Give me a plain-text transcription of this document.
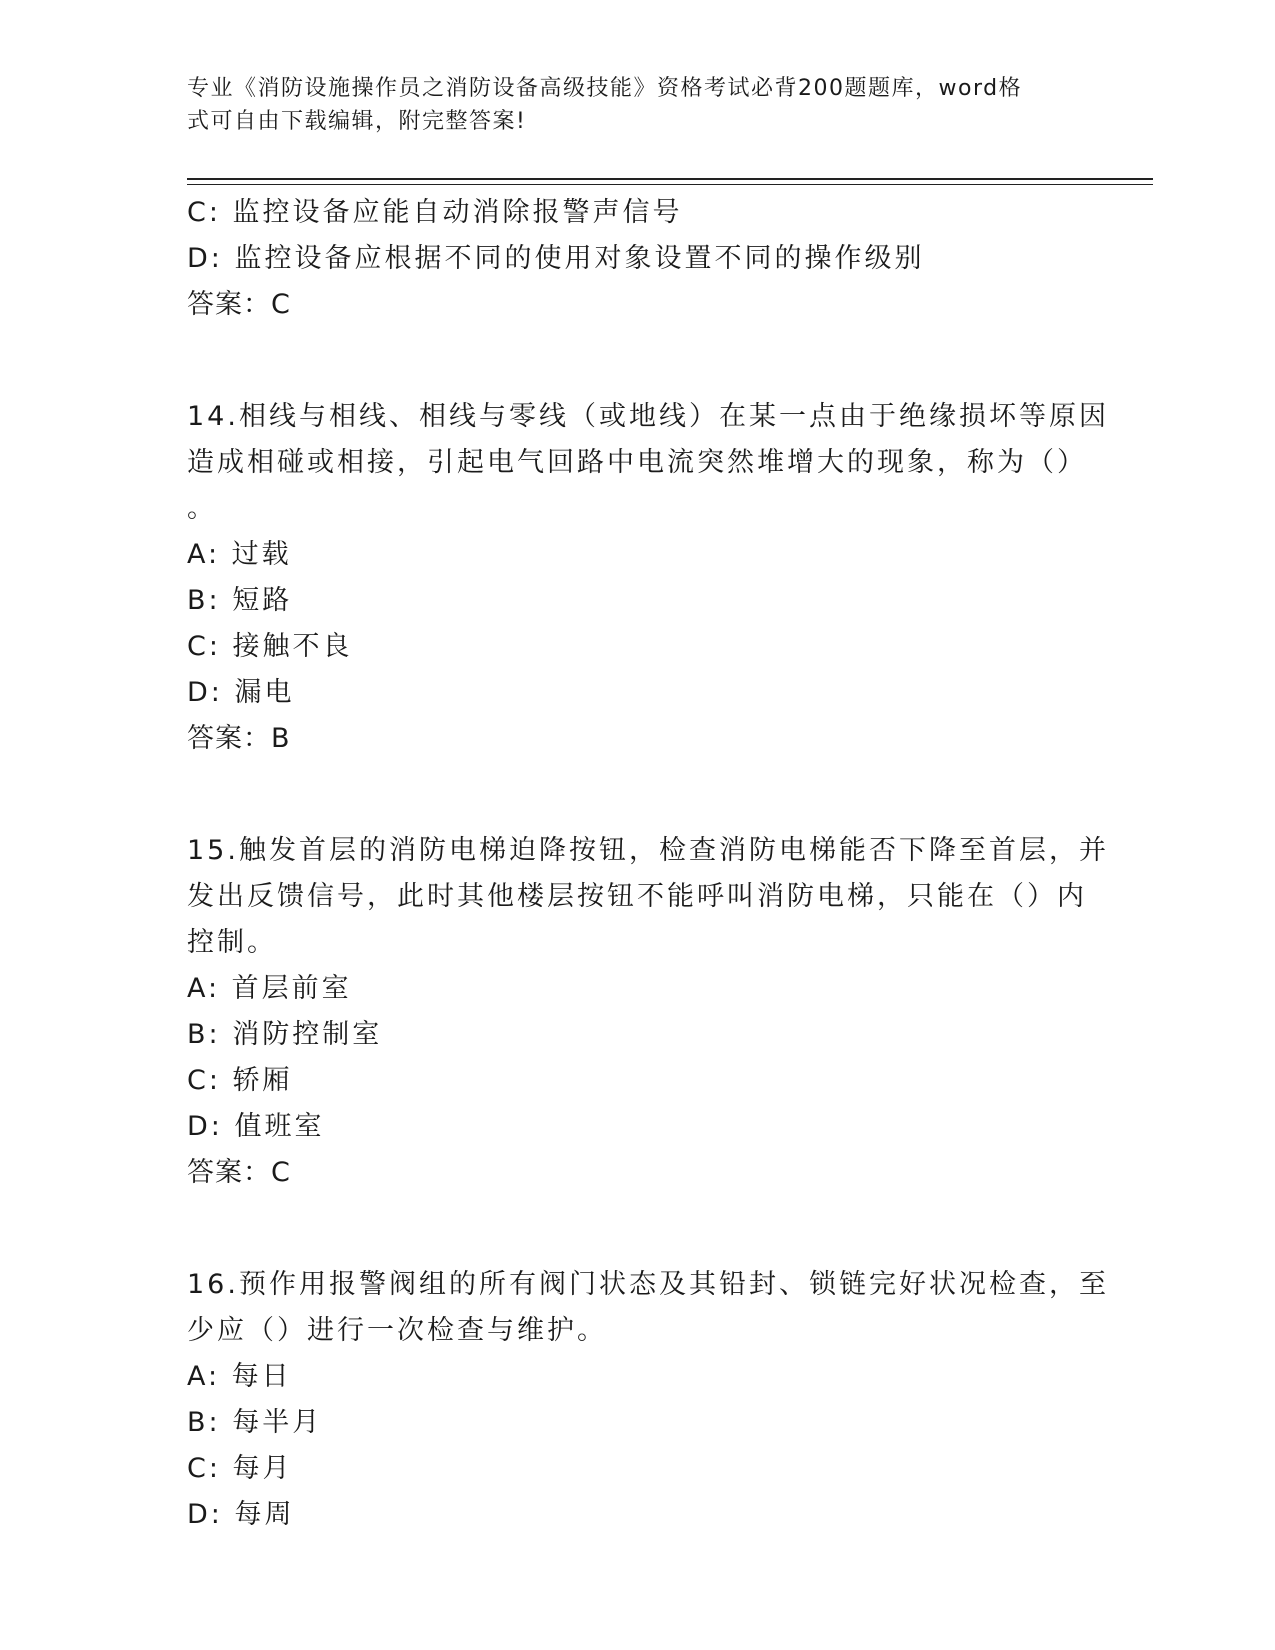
专业《消防设施操作员之消防设备高级技能》资格考试必背200题题库，word格
式可自由下载编辑，附完整答案!
C: 监控设备应能自动消除报警声信号
D: 监控设备应根据不同的使用对象设置不同的操作级别
答案：C
14.相线与相线、相线与零线（或地线）在某一点由于绝缘损坏等原因
造成相碰或相接，引起电气回路中电流突然堆增大的现象，称为（）
。
A: 过载
B: 短路
C: 接触不良
D: 漏电
答案：B
15.触发首层的消防电梯迫降按钮，检查消防电梯能否下降至首层，并
发出反馈信号，此时其他楼层按钮不能呼叫消防电梯，只能在（）内
控制。
A: 首层前室
B: 消防控制室
C: 轿厢
D: 值班室
答案：C
16.预作用报警阀组的所有阀门状态及其铅封、锁链完好状况检查，至
少应（）进行一次检查与维护。
A: 每日
B: 每半月
C: 每月
D: 每周
